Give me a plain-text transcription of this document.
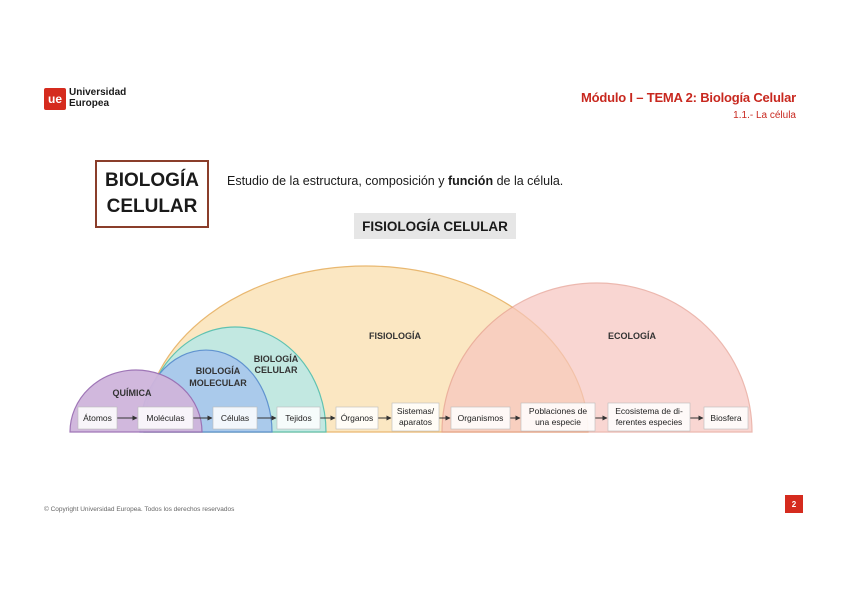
ue Universidad
Europea	Módulo I – TEMA 2: Biología Celular
1.1.- La célula
BIOLOGÍA
CELULAR
Estudio de la estructura, composición y función de la célula.
FISIOLOGÍA CELULAR
FISIOLOGÍA	ECOLOGÍA
BIOLOGÍA
CELULAR
BIOLOGÍA
MOLECULAR
QUÍMICA
Átomos	Moléculas	Células	Tejidos	Órganos
Sistemas/
aparatos	Organismos
Poblaciones de
una especie
Ecosistema de di-
ferentes especies	Biosfera
© Copyright Universidad Europea. Todos los derechos reservados
2
